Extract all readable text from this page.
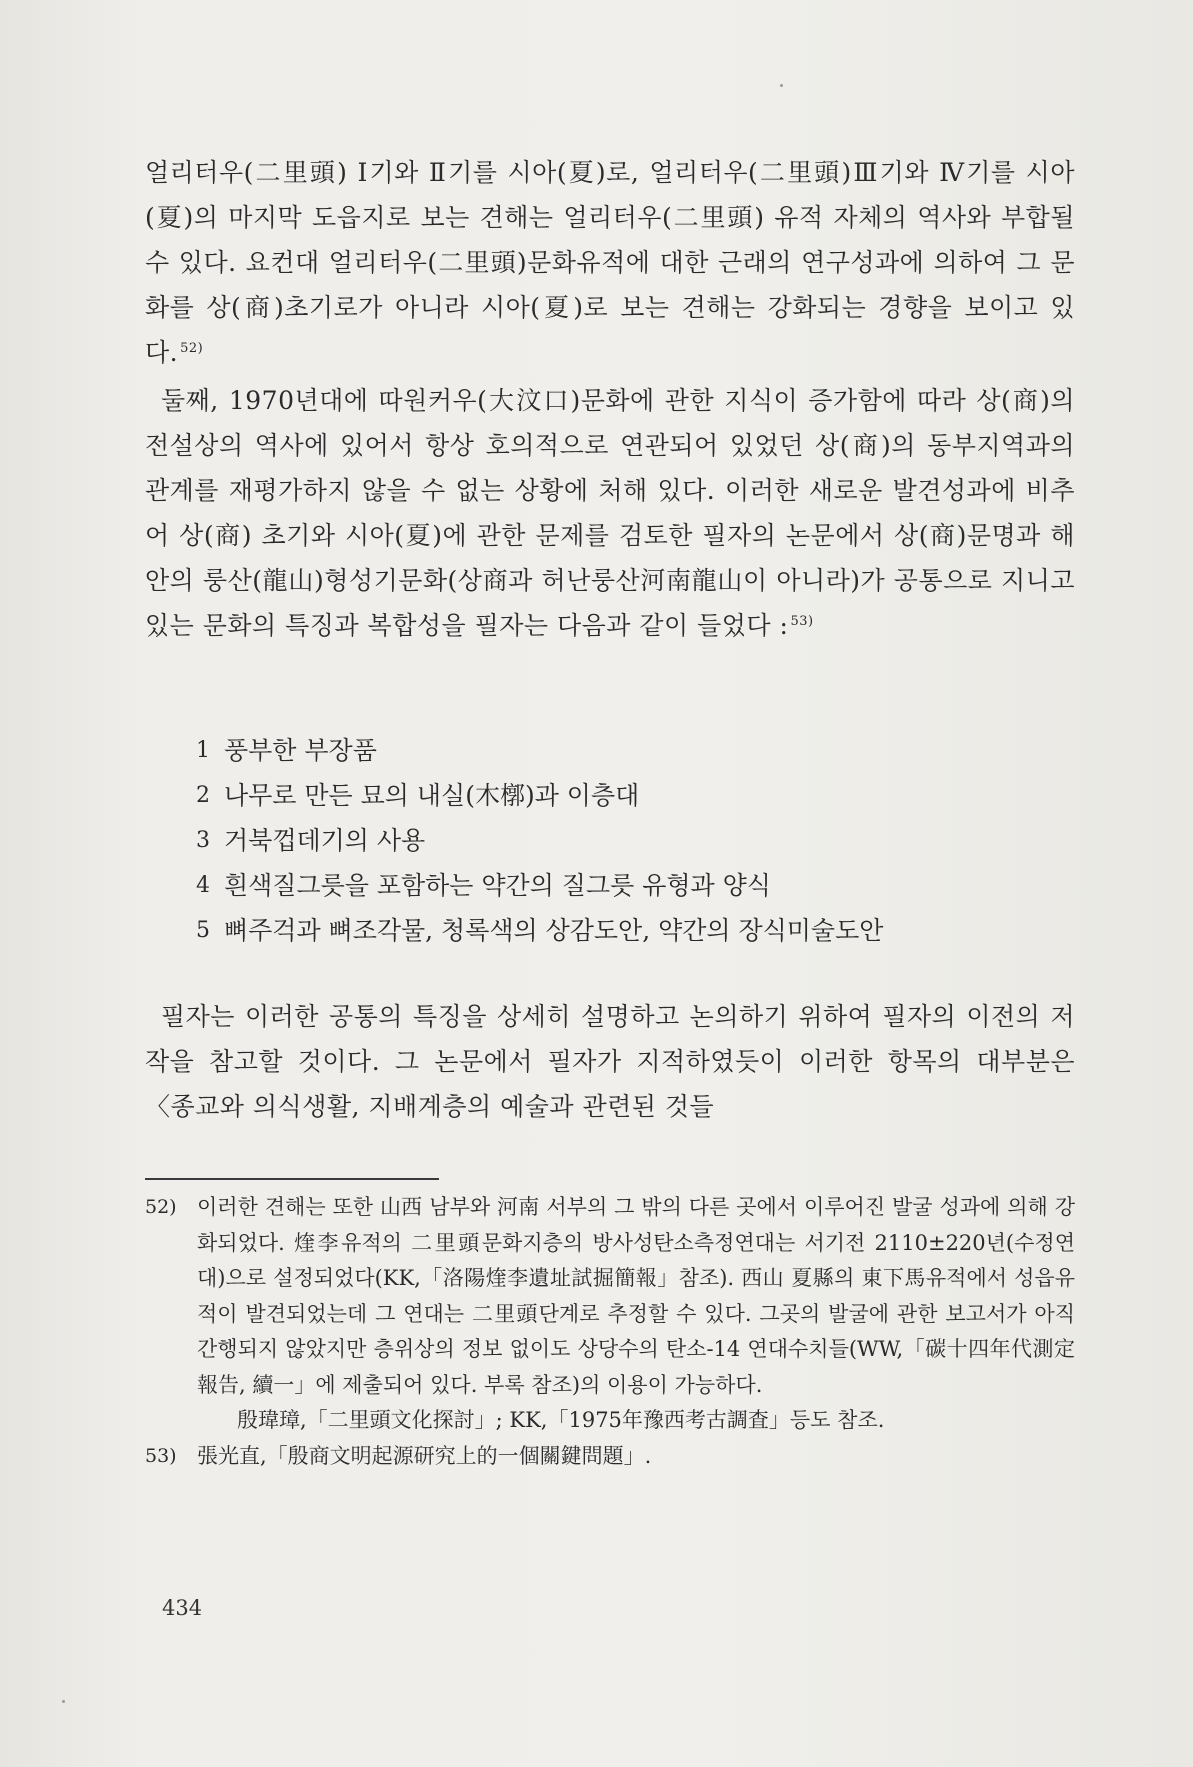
얼리터우(二里頭) Ⅰ기와 Ⅱ기를 시아(夏)로, 얼리터우(二里頭)Ⅲ기와 Ⅳ기를 시아(夏)의 마지막 도읍지로 보는 견해는 얼리터우(二里頭) 유적 자체의 역사와 부합될 수 있다. 요컨대 얼리터우(二里頭)문화유적에 대한 근래의 연구성과에 의하여 그 문화를 상(商)초기로가 아니라 시아(夏)로 보는 견해는 강화되는 경향을 보이고 있다. $^{52)}$

둘째, 1970년대에 따원커우(大汶口)문화에 관한 지식이 증가함에 따라 상(商)의 전설상의 역사에 있어서 항상 호의적으로 연관되어 있었던 상(商)의 동부지역과의 관계를 재평가하지 않을 수 없는 상황에 처해 있다. 이러한 새로운 발견성과에 비추어 상(商) 초기와 시아(夏)에 관한 문제를 검토한 필자의 논문에서 상(商)문명과 해안의 룽산(龍山)형성기문화(상商과 허난룽산河南龍山이 아니라)가 공통으로 지니고 있는 문화의 특징과 복합성을 필자는 다음과 같이 들었다 : $^{53)}$

1 풍부한 부장품
2 나무로 만든 묘의 내실(木槨)과 이층대
3 거북껍데기의 사용
4 흰색질그릇을 포함하는 약간의 질그릇 유형과 양식
5 뼈주걱과 뼈조각물, 청록색의 상감도안, 약간의 장식미술도안

필자는 이러한 공통의 특징을 상세히 설명하고 논의하기 위하여 필자의 이전의 저작을 참고할 것이다. 그 논문에서 필자가 지적하였듯이 이러한 항목의 대부분은 〈종교와 의식생활, 지배계층의 예술과 관련된 것들

52) 이러한 견해는 또한 山西 남부와 河南 서부의 그 밖의 다른 곳에서 이루어진 발굴 성과에 의해 강화되었다. 煃李유적의 二里頭문화지층의 방사성탄소측정연대는 서기전 2110±220년(수정연대)으로 설정되었다(KK,「洛陽煃李遺址試掘簡報」참조). 西山 夏縣의 東下馬유적에서 성읍유적이 발견되었는데 그 연대는 二里頭단계로 추정할 수 있다. 그곳의 발굴에 관한 보고서가 아직 간행되지 않았지만 층위상의 정보 없이도 상당수의 탄소-14 연대수치들(WW,「碳十四年代測定報告, 續一」에 제출되어 있다. 부록 참조)의 이용이 가능하다.

殷瑋璋,「二里頭文化探討」; KK,「1975年豫西考古調査」등도 참조.

53) 張光直,「殷商文明起源研究上的一個關鍵問題」.
434
